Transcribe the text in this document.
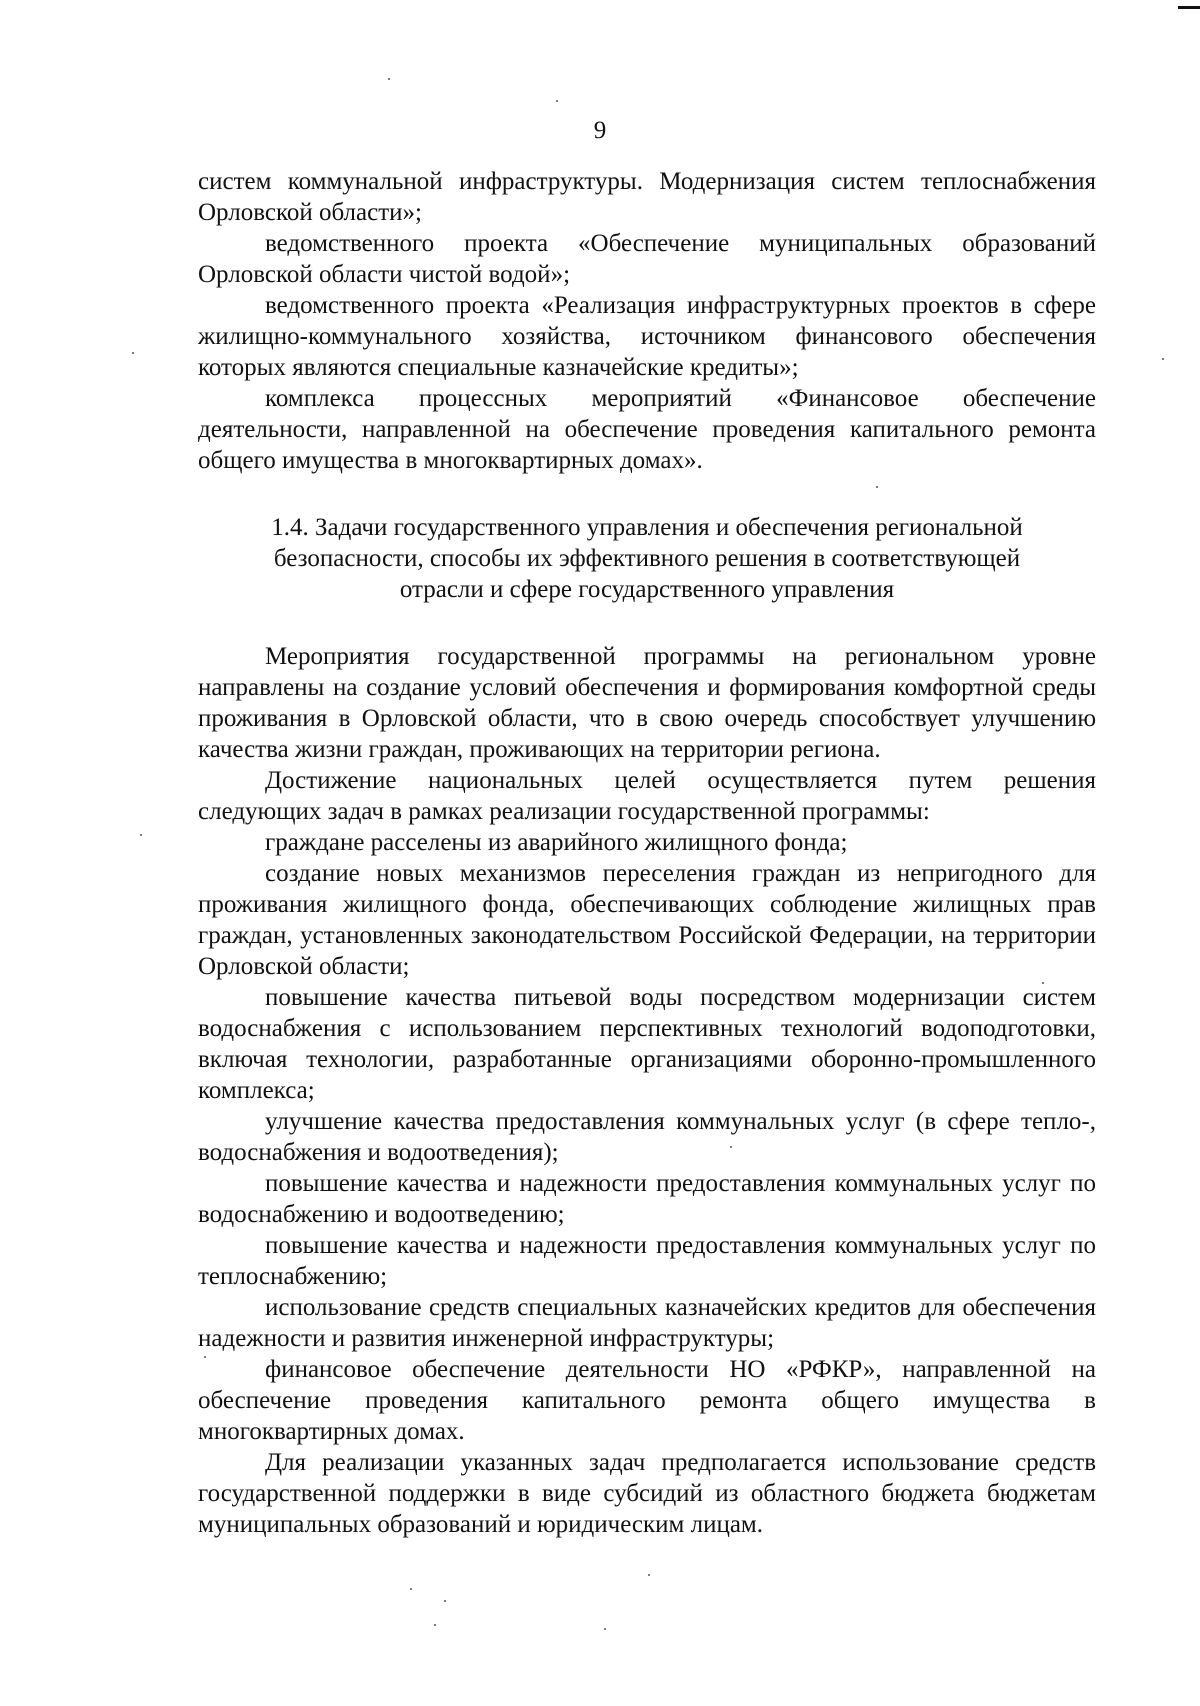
9

систем коммунальной инфраструктуры. Модернизация систем теплоснабжения Орловской области»;

ведомственного проекта «Обеспечение муниципальных образований Орловской области чистой водой»;

ведомственного проекта «Реализация инфраструктурных проектов в сфере жилищно-коммунального хозяйства, источником финансового обеспечения которых являются специальные казначейские кредиты»;

комплекса процессных мероприятий «Финансовое обеспечение деятельности, направленной на обеспечение проведения капитального ремонта общего имущества в многоквартирных домах».

1.4. Задачи государственного управления и обеспечения региональной
безопасности, способы их эффективного решения в соответствующей
отрасли и сфере государственного управления

Мероприятия государственной программы на региональном уровне направлены на создание условий обеспечения и формирования комфортной среды проживания в Орловской области, что в свою очередь способствует улучшению качества жизни граждан, проживающих на территории региона.

Достижение национальных целей осуществляется путем решения следующих задач в рамках реализации государственной программы:

граждане расселены из аварийного жилищного фонда;

создание новых механизмов переселения граждан из непригодного для проживания жилищного фонда, обеспечивающих соблюдение жилищных прав граждан, установленных законодательством Российской Федерации, на территории Орловской области;

повышение качества питьевой воды посредством модернизации систем водоснабжения с использованием перспективных технологий водоподготовки, включая технологии, разработанные организациями оборонно-промышленного комплекса;

улучшение качества предоставления коммунальных услуг (в сфере тепло-, водоснабжения и водоотведения);

повышение качества и надежности предоставления коммунальных услуг по водоснабжению и водоотведению;

повышение качества и надежности предоставления коммунальных услуг по теплоснабжению;

использование средств специальных казначейских кредитов для обеспечения надежности и развития инженерной инфраструктуры;

финансовое обеспечение деятельности НО «РФКР», направленной на обеспечение проведения капитального ремонта общего имущества в многоквартирных домах.

Для реализации указанных задач предполагается использование средств государственной поддержки в виде субсидий из областного бюджета бюджетам муниципальных образований и юридическим лицам.
